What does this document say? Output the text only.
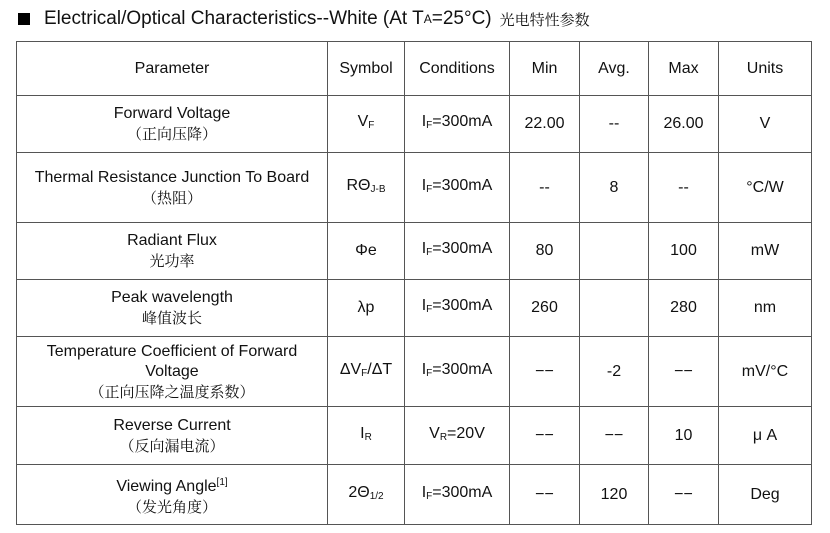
Electrical/Optical Characteristics--White (At T A =25°C) 光电特性参数
Parameter	Symbol	Conditions	Min	Avg.	Max	Units

Forward Voltage
（正向压降）	$V_F$	$I_F=300mA$	22.00	--	26.00	V

Thermal Resistance Junction To Board
（热阻）	$R\Theta_{J-B}$	$I_F=300mA$	--	8	--	°C/W

Radiant Flux
光功率	Φe	$I_F=300mA$	80		100	mW

Peak wavelength
峰值波长	λp	$I_F=300mA$	260		280	nm

Temperature Coefficient of Forward Voltage
（正向压降之温度系数）	$\Delta V_F/\Delta T$	$I_F=300mA$	−−	-2	−−	mV/°C

Reverse Current
（反向漏电流）	$I_R$	$V_R=20V$	−−	−−	10	μ A

Viewing Angle[1]
（发光角度）	$2\Theta_{1/2}$	$I_F=300mA$	−−	120	−−	Deg
